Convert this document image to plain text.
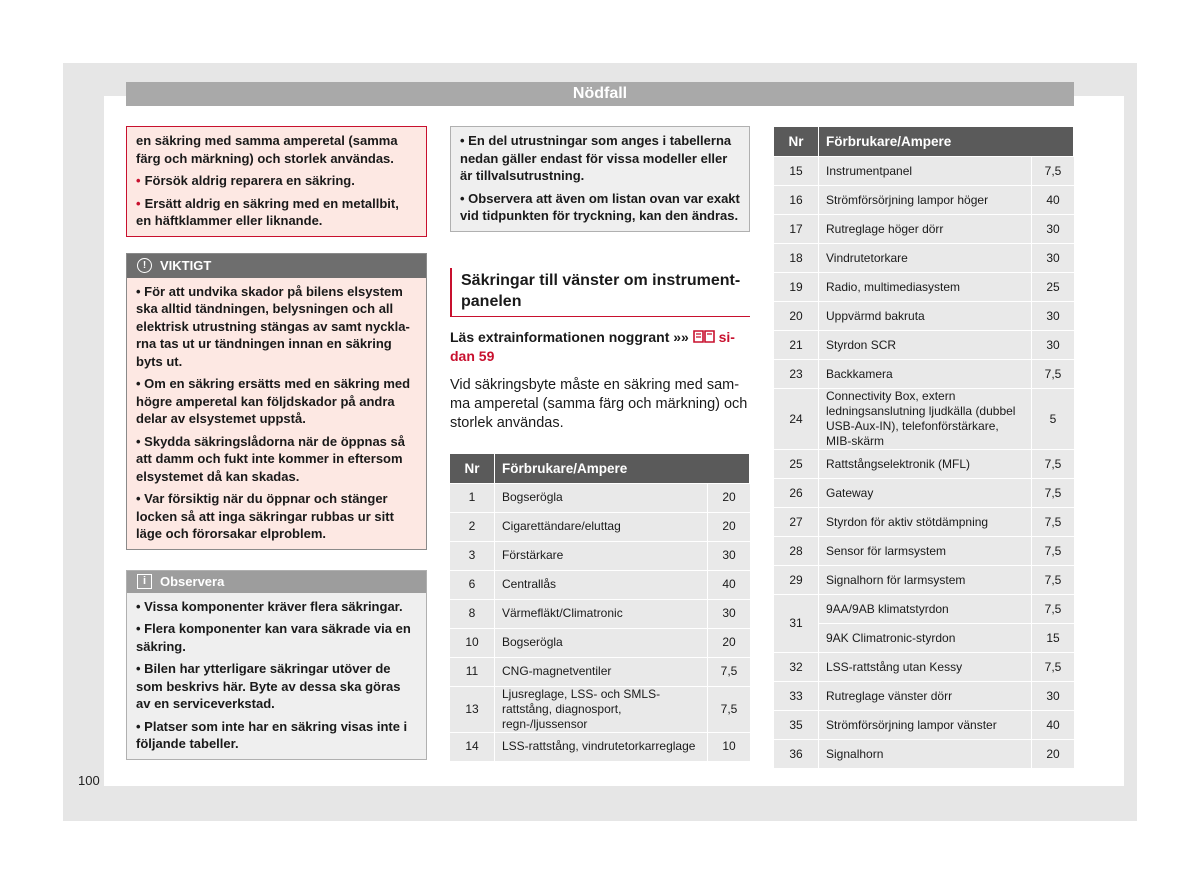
Nödfall
100

en säkring med samma amperetal (samma färg och märkning) och storlek användas.

• Försök aldrig reparera en säkring.

• Ersätt aldrig en säkring med en metallbit, en häftklammer eller liknande.

!	VIKTIGT

• För att undvika skador på bilens elsystem ska alltid tändningen, belysningen och all elektrisk utrustning stängas av samt nycklarna tas ut ur tändningen innan en säkring byts ut.

• Om en säkring ersätts med en säkring med högre amperetal kan följdskador på andra delar av elsystemet uppstå.

• Skydda säkringslådorna när de öppnas så att damm och fukt inte kommer in eftersom elsystemet då kan skadas.

• Var försiktig när du öppnar och stänger locken så att inga säkringar rubbas ur sitt läge och förorsakar elproblem.

i	Observera

• Vissa komponenter kräver flera säkringar.

• Flera komponenter kan vara säkrade via en säkring.

• Bilen har ytterligare säkringar utöver de som beskrivs här. Byte av dessa ska göras av en serviceverkstad.

• Platser som inte har en säkring visas inte i följande tabeller.

• En del utrustningar som anges i tabellerna nedan gäller endast för vissa modeller eller är tillvalsutrustning.

• Observera att även om listan ovan var exakt vid tidpunkten för tryckning, kan den ändras.

Säkringar till vänster om instrumentpanelen
Läs extrainformationen noggrant »» sidan 59
Vid säkringsbyte måste en säkring med samma amperetal (samma färg och märkning) och storlek användas.
Nr	Förbrukare/Ampere	
1	Bogserögla	20
2	Cigarettändare/eluttag	20
3	Förstärkare	30
6	Centrallås	40
8	Värmefläkt/Climatronic	30
10	Bogserögla	20
11	CNG-magnetventiler	7,5
13	Ljusreglage, LSS- och SMLS-rattstång, diagnosport, regn-/ljussensor	7,5
14	LSS-rattstång, vindrutetorkarreglage	10
Nr	Förbrukare/Ampere	
15	Instrumentpanel	7,5
16	Strömförsörjning lampor höger	40
17	Rutreglage höger dörr	30
18	Vindrutetorkare	30
19	Radio, multimediasystem	25
20	Uppvärmd bakruta	30
21	Styrdon SCR	30
23	Backkamera	7,5
24	Connectivity Box, extern ledningsanslutning ljudkälla (dubbel USB-Aux-IN), telefonförstärkare, MIB-skärm	5
25	Rattstångselektronik (MFL)	7,5
26	Gateway	7,5
27	Styrdon för aktiv stötdämpning	7,5
28	Sensor för larmsystem	7,5
29	Signalhorn för larmsystem	7,5
31	9AA/9AB klimatstyrdon	7,5
	9AK Climatronic-styrdon	15
32	LSS-rattstång utan Kessy	7,5
33	Rutreglage vänster dörr	30
35	Strömförsörjning lampor vänster	40
36	Signalhorn	20
